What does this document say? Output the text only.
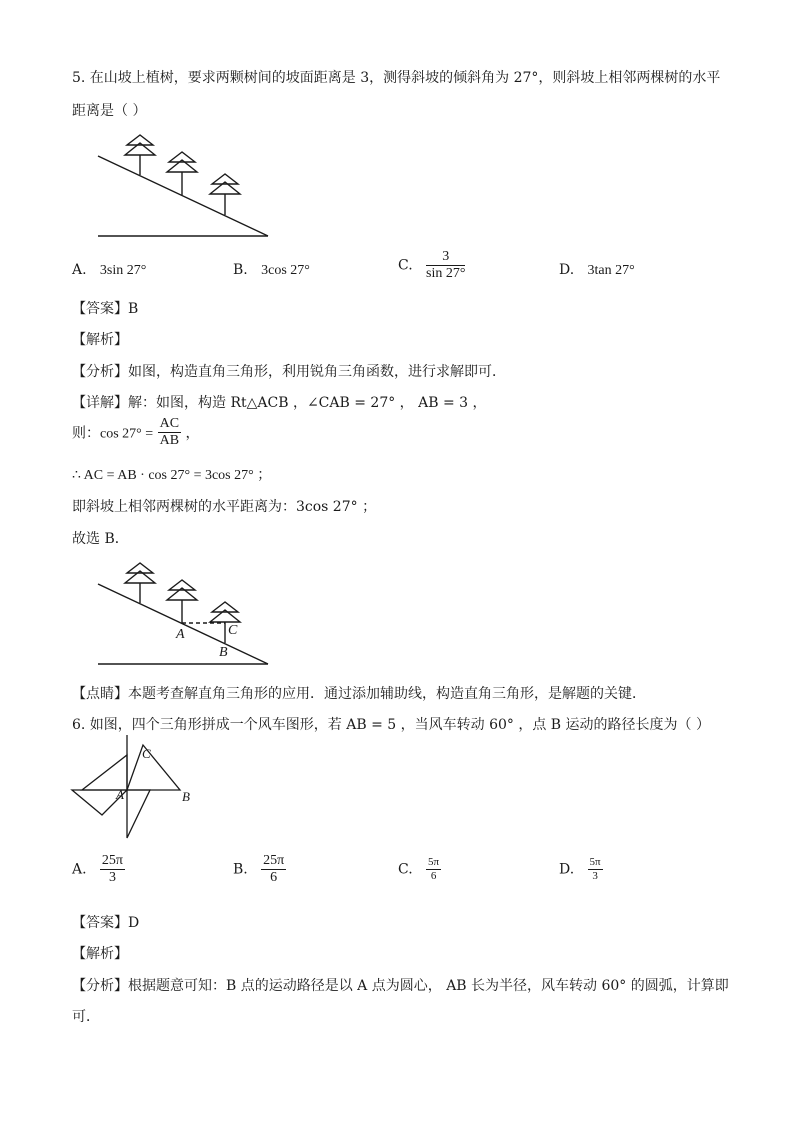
5. 在山坡上植树，要求两颗树间的坡面距离是 3，测得斜坡的倾斜角为 27°，则斜坡上相邻两棵树的水平
距离是（ ）
A. 3sin 27°	B. 3cos 27°	C. $\frac{3}{\sin 27^\circ}$	D. 3tan 27°
【答案】B
【解析】
【分析】如图，构造直角三角形，利用锐角三角函数，进行求解即可．
【详解】解：如图，构造 Rt△ACB ，∠CAB = 27° ， AB = 3 ，
则：$\cos 27^\circ = \frac{AC}{AB}$ ，
∴ AC = AB · cos 27° = 3cos 27° ；
即斜坡上相邻两棵树的水平距离为：3cos 27° ；
故选 B．
A
B
C
【点睛】本题考查解直角三角形的应用．通过添加辅助线，构造直角三角形，是解题的关键．
6. 如图，四个三角形拼成一个风车图形，若 AB = 5 ，当风车转动 60° ，点 B 运动的路径长度为（ ）
C
A	B
A. $\frac{25\pi}{3}$	B. $\frac{25\pi}{6}$	C. $\frac{5\pi}{6}$	D. $\frac{5\pi}{3}$
【答案】D
【解析】
【分析】根据题意可知：B 点的运动路径是以 A 点为圆心， AB 长为半径，风车转动 60° 的圆弧，计算即
可．
